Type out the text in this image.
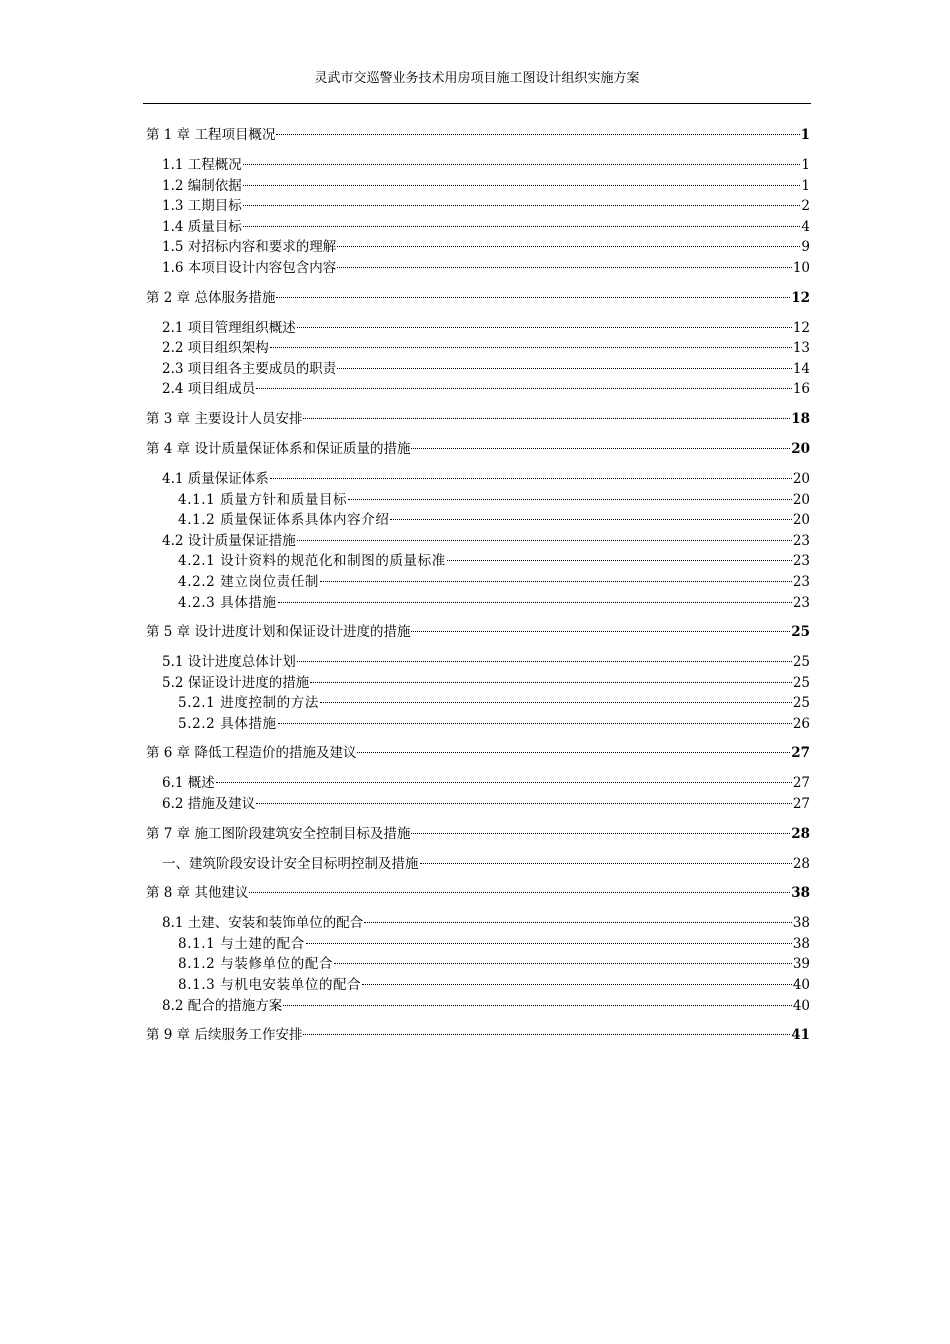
灵武市交巡警业务技术用房项目施工图设计组织实施方案
第 1 章 工程项目概况	1
1.1 工程概况	1
1.2 编制依据	1
1.3 工期目标	2
1.4 质量目标	4
1.5 对招标内容和要求的理解	9
1.6 本项目设计内容包含内容	10
第 2 章 总体服务措施	12
2.1 项目管理组织概述	12
2.2 项目组织架构	13
2.3 项目组各主要成员的职责	14
2.4 项目组成员	16
第 3 章 主要设计人员安排	18
第 4 章 设计质量保证体系和保证质量的措施	20
4.1 质量保证体系	20
4.1.1 质量方针和质量目标	20
4.1.2 质量保证体系具体内容介绍	20
4.2 设计质量保证措施	23
4.2.1 设计资料的规范化和制图的质量标准	23
4.2.2 建立岗位责任制	23
4.2.3 具体措施	23
第 5 章 设计进度计划和保证设计进度的措施	25
5.1 设计进度总体计划	25
5.2 保证设计进度的措施	25
5.2.1 进度控制的方法	25
5.2.2 具体措施	26
第 6 章 降低工程造价的措施及建议	27
6.1 概述	27
6.2 措施及建议	27
第 7 章 施工图阶段建筑安全控制目标及措施	28
一、建筑阶段安设计安全目标明控制及措施	28
第 8 章 其他建议	38
8.1 土建、安装和装饰单位的配合	38
8.1.1 与土建的配合	38
8.1.2 与装修单位的配合	39
8.1.3 与机电安装单位的配合	40
8.2 配合的措施方案	40
第 9 章 后续服务工作安排	41
